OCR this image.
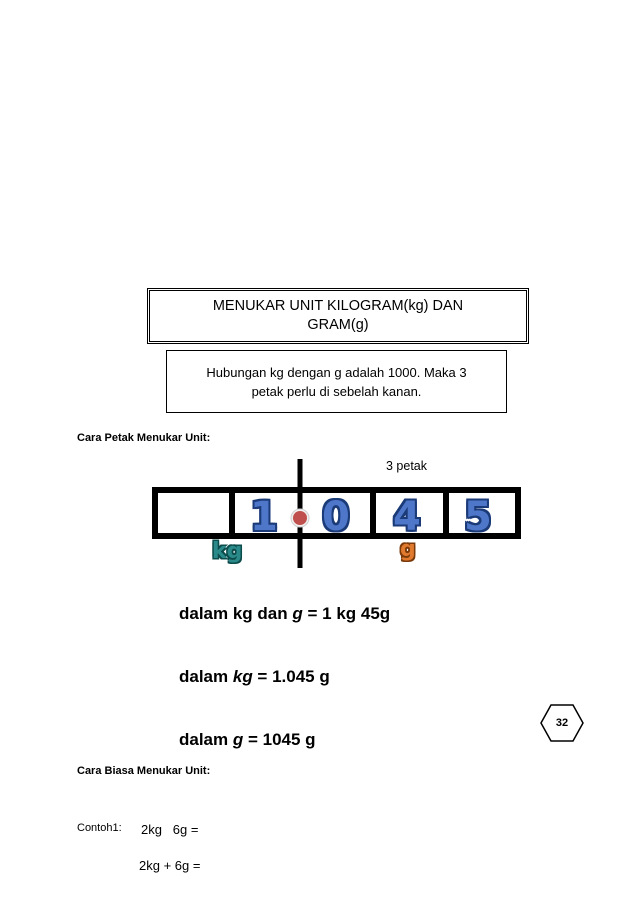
MENUKAR UNIT KILOGRAM(kg) DAN
GRAM(g)
Hubungan kg dengan g adalah 1000. Maka 3
petak perlu di sebelah kanan.
Cara Petak Menukar Unit:
3 petak
1 0 4 5
kg	g
dalam kg dan g = 1 kg 45g
dalam kg = 1.045 g
dalam g = 1045 g
32
Cara Biasa Menukar Unit:
Contoh1: 2kg   6g =
2kg + 6g =
